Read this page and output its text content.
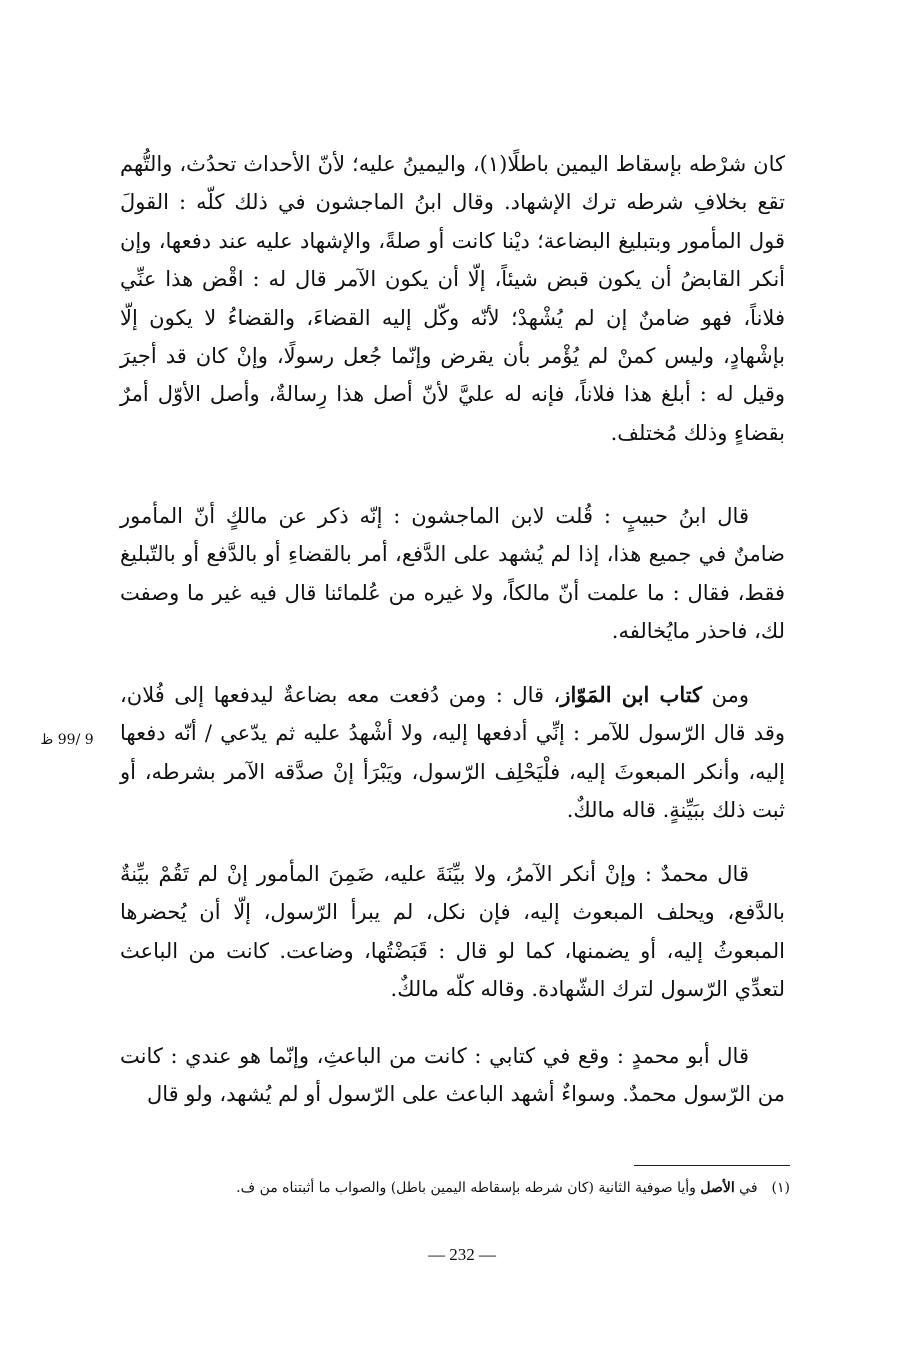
كان شرْطه بإسقاط اليمين باطلًا(١)، واليمينُ عليه؛ لأنّ الأحداث تحدُث، والتُّهم تقع بخلافِ شرطه ترك الإشهاد. وقال ابنُ الماجشون في ذلك كلّه : القولَ قول المأمور وبتبليغ البضاعة؛ ديْنا كانت أو صلةً، والإشهاد عليه عند دفعها، وإن أنكر القابضُ أن يكون قبض شيئاً، إلّا أن يكون الآمر قال له : اقْض هذا عنِّي فلاناً، فهو ضامنٌ إن لم يُشْهدْ؛ لأنّه وكّل إليه القضاءَ، والقضاءُ لا يكون إلّا بإشْهادٍ، وليس كمنْ لم يُؤْمر بأن يقرض وإنّما جُعل رسولًا، وإنْ كان قد أجيرَ وقيل له : أبلغ هذا فلاناً، فإنه له عليَّ لأنّ أصل هذا رِسالةٌ، وأصل الأوّل أمرٌ بقضاءٍ وذلك مُختلف.

قال ابنُ حبيبٍ : قُلت لابن الماجشون : إنّه ذكر عن مالكٍ أنّ المأمور ضامنٌ في جميع هذا، إذا لم يُشهد على الدَّفع، أمر بالقضاءِ أو بالدَّفع أو بالتّبليغ فقط، فقال : ما علمت أنّ مالكاً، ولا غيره من عُلمائنا قال فيه غير ما وصفت لك، فاحذر مايُخالفه.

ومن كتاب ابن المَوّاز، قال : ومن دُفعت معه بضاعةٌ ليدفعها إلى فُلان، وقد قال الرّسول للآمر : إنِّي أدفعها إليه، ولا أشْهدُ عليه ثم يدّعي / أنّه دفعها إليه، وأنكر المبعوثَ إليه، فلْيَحْلِف الرّسول، ويَبْرَأ إنْ صدَّقه الآمر بشرطه، أو ثبت ذلك ببَيِّنةٍ. قاله مالكٌ.

9 /99 ظ

قال محمدٌ : وإنْ أنكر الآمرُ، ولا بيِّنَةَ عليه، ضَمِنَ المأمور إنْ لم تَقُمْ بيِّنةٌ بالدَّفع، ويحلف المبعوث إليه، فإن نكل، لم يبرأ الرّسول، إلّا أن يُحضرها المبعوثُ إليه، أو يضمنها، كما لو قال : قَبَضْتُها، وضاعت. كانت من الباعث لتعدِّي الرّسول لترك الشّهادة. وقاله كلّه مالكٌ.

قال أبو محمدٍ : وقع في كتابي : كانت من الباعثِ، وإنّما هو عندي : كانت من الرّسول محمدٌ. وسواءٌ أشهد الباعث على الرّسول أو لم يُشهد، ولو قال

(١)في الأصل وأيا صوفية الثانية (كان شرطه بإسقاطه اليمين باطل) والصواب ما أثبتناه من ف.
— 232 —
